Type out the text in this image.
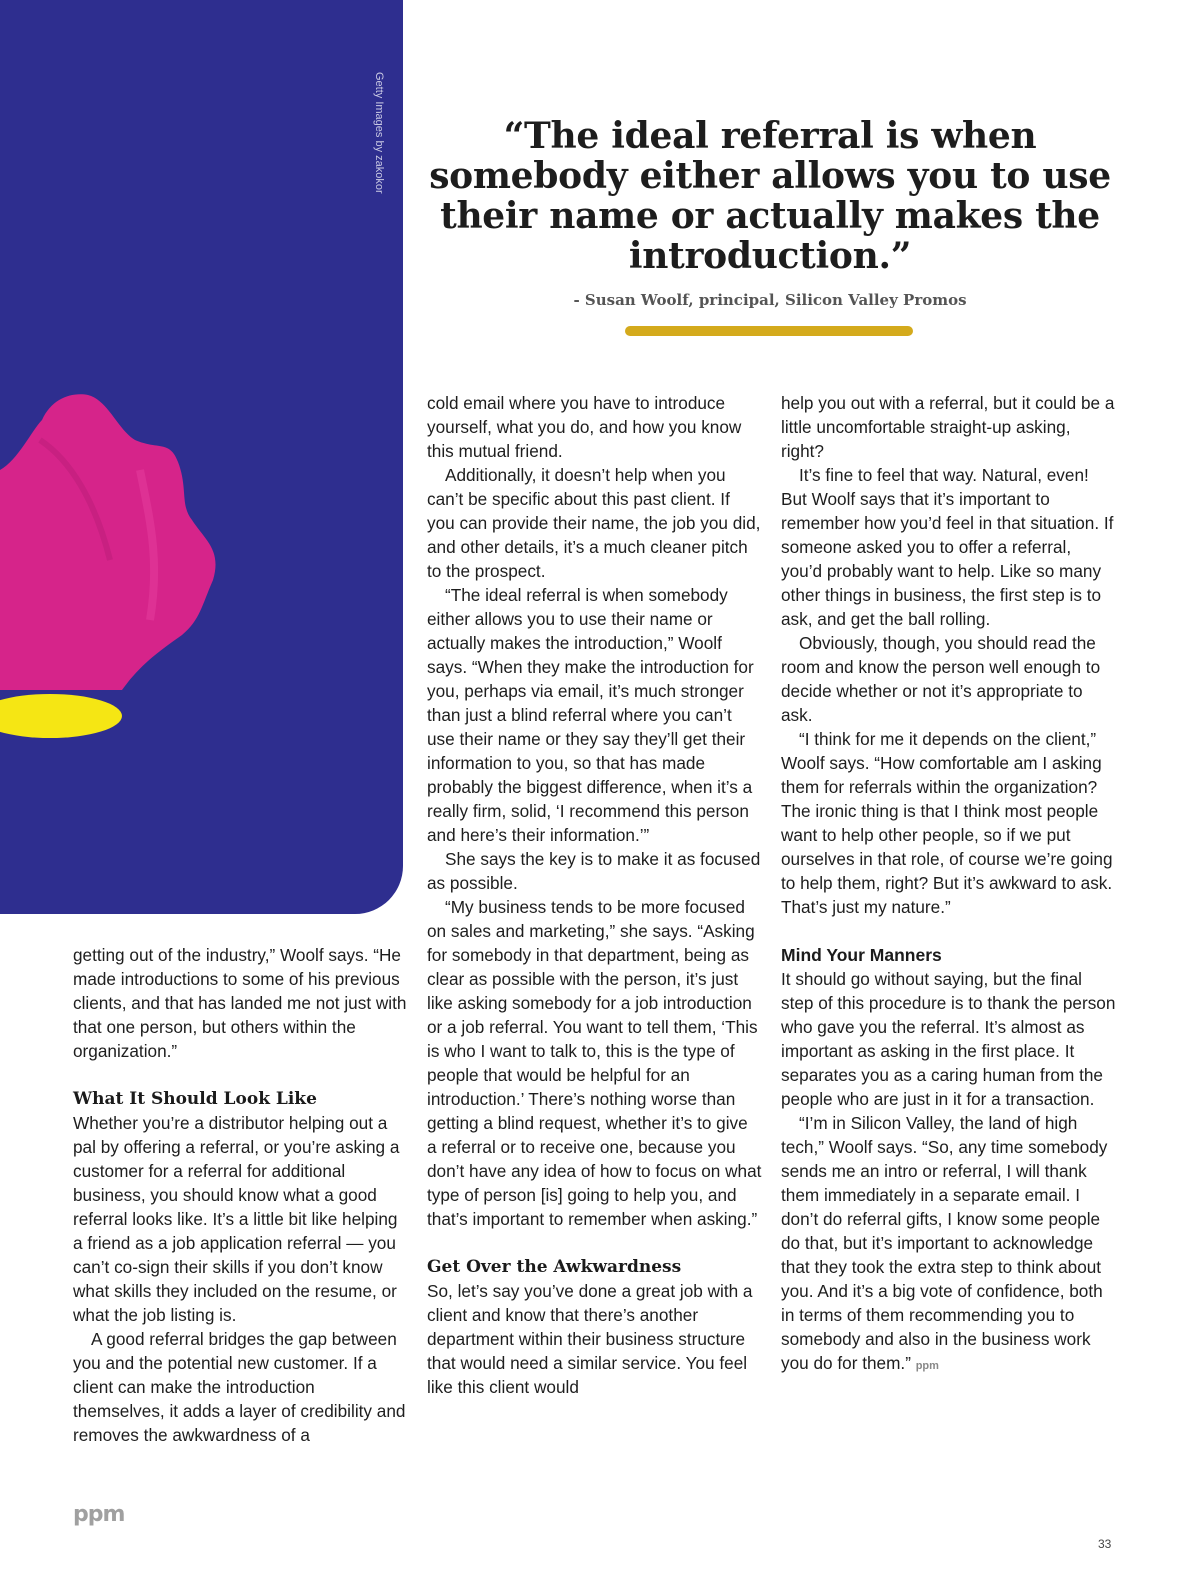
Getty Images by zakokor	“The ideal referral is when somebody either allows you to use their name or actually makes the introduction.”
- Susan Woolf, principal, Silicon Valley Promos

getting out of the industry,” Woolf says. “He made introductions to some of his previous clients, and that has landed me not just with that one person, but others within the organization.”

What It Should Look Like

Whether you’re a distributor helping out a pal by offering a referral, or you’re asking a customer for a referral for additional business, you should know what a good referral looks like. It’s a little bit like helping a friend as a job application referral — you can’t co-sign their skills if you don’t know what skills they included on the resume, or what the job listing is.

A good referral bridges the gap between you and the potential new customer. If a client can make the introduction themselves, it adds a layer of credibility and removes the awkwardness of a

cold email where you have to introduce yourself, what you do, and how you know this mutual friend.

Additionally, it doesn’t help when you can’t be specific about this past client. If you can provide their name, the job you did, and other details, it’s a much cleaner pitch to the prospect.

“The ideal referral is when somebody either allows you to use their name or actually makes the introduction,” Woolf says. “When they make the introduction for you, perhaps via email, it’s much stronger than just a blind referral where you can’t use their name or they say they’ll get their information to you, so that has made probably the biggest difference, when it’s a really firm, solid, ‘I recommend this person and here’s their information.’”

She says the key is to make it as focused as possible.

“My business tends to be more focused on sales and marketing,” she says. “Asking for somebody in that department, being as clear as possible with the person, it’s just like asking somebody for a job introduction or a job referral. You want to tell them, ‘This is who I want to talk to, this is the type of people that would be helpful for an introduction.’ There’s nothing worse than getting a blind request, whether it’s to give a referral or to receive one, because you don’t have any idea of how to focus on what type of person [is] going to help you, and that’s important to remember when asking.”

Get Over the Awkwardness

So, let’s say you’ve done a great job with a client and know that there’s another department within their business structure that would need a similar service. You feel like this client would

help you out with a referral, but it could be a little uncomfortable straight-up asking, right?

It’s fine to feel that way. Natural, even! But Woolf says that it’s important to remember how you’d feel in that situation. If someone asked you to offer a referral, you’d probably want to help. Like so many other things in business, the first step is to ask, and get the ball rolling.

Obviously, though, you should read the room and know the person well enough to decide whether or not it’s appropriate to ask.

“I think for me it depends on the client,” Woolf says. “How comfortable am I asking them for referrals within the organization? The ironic thing is that I think most people want to help other people, so if we put ourselves in that role, of course we’re going to help them, right? But it’s awkward to ask. That’s just my nature.”

Mind Your Manners

It should go without saying, but the final step of this procedure is to thank the person who gave you the referral. It’s almost as important as asking in the first place. It separates you as a caring human from the people who are just in it for a transaction.

“I’m in Silicon Valley, the land of high tech,” Woolf says. “So, any time somebody sends me an intro or referral, I will thank them immediately in a separate email. I don’t do referral gifts, I know some people do that, but it’s important to acknowledge that they took the extra step to think about you. And it’s a big vote of confidence, both in terms of them recommending you to somebody and also in the business work you do for them.” ppm

ppm
33
